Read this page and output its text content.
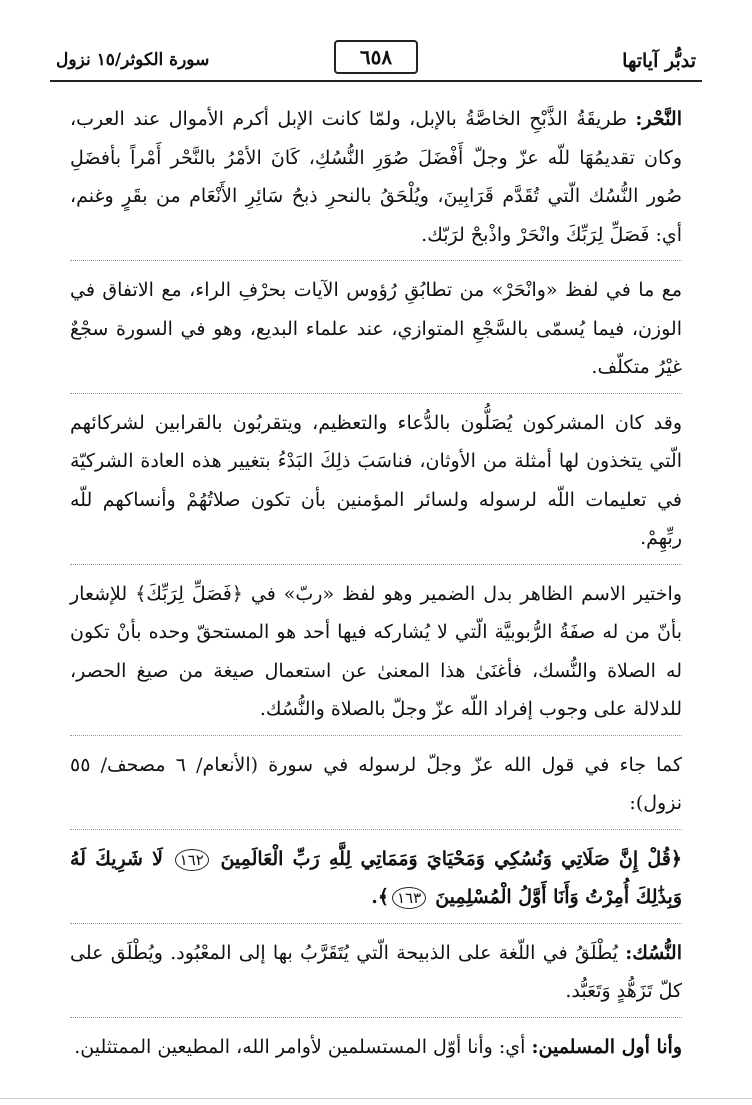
تدبُّر آياتها
٦٥٨
سورة الكوثر/١٥ نزول
النَّحْر: طريقَةُ الذَّبْحِ الخاصَّةُ بالإبل، ولمّا كانت الإبل أكرم الأموال عند العرب، وكان تقديمُهَا للّه عزّ وجلّ أَفْضَلَ صُوَرِ النُّسُكِ، كَانَ الأمْرُ بالنَّحْر أَمْراً بأفضَلِ صُور النُّسُك الّتي تُقَدَّم قَرَابِينَ، ويُلْحَقُ بالنحرِ ذبحُ سَائِرِ الأَنْعَام من بقَرٍ وغنم، أي: فَصَلِّ لِرَبِّكَ وانْحَرْ واذْبحْ لرَبّك.
مع ما في لفظ «وانْحَرْ» من تطابُقِ رُؤوس الآيات بحرْفِ الراء، مع الاتفاق في الوزن، فيما يُسمّى بالسَّجْعِ المتوازي، عند علماء البديع، وهو في السورة سجْعٌ غيْرُ متكلّف.
وقد كان المشركون يُصَلُّون بالدُّعاء والتعظيم، ويتقربُون بالقرابين لشركائهم الّتي يتخذون لها أمثلة من الأوثان، فناسَبَ ذلِكَ البَدْءُ بتغيير هذه العادة الشركيّة في تعليمات اللّه لرسوله ولسائر المؤمنين بأن تكون صلاتُهُمْ وأنساكهم للّه ربِّهِمْ.
واختير الاسم الظاهر بدل الضمير وهو لفظ «ربّ» في ﴿فَصَلِّ لِرَبِّكَ﴾ للإشعار بأنّ من له صفَةُ الرُّبوبيَّة الّتي لا يُشاركه فيها أحد هو المستحقّ وحده بأنْ تكون له الصلاة والنُّسك، فأغنَىٰ هذا المعنىٰ عن استعمال صيغة من صيغ الحصر، للدلالة على وجوب إفراد اللّه عزّ وجلّ بالصلاة والنُّسُك.
كما جاء في قول الله عزّ وجلّ لرسوله في سورة (الأنعام/ ٦ مصحف/ ٥٥ نزول):
﴿قُلْ إِنَّ صَلَاتِي وَنُسُكِي وَمَحْيَايَ وَمَمَاتِي لِلَّهِ رَبِّ الْعَالَمِينَ ١٦٢ لَا شَرِيكَ لَهُ وَبِذَٰلِكَ أُمِرْتُ وَأَنَا أَوَّلُ الْمُسْلِمِينَ ١٦٣﴾.
النُّسُك: يُطْلَقُ في اللّغة على الذبيحة الّتي يُتَقَرَّبُ بها إلى المعْبُود. ويُطْلَق على كلّ تَزَهُّدٍ وَتَعَبُّد.
وأنا أول المسلمين: أي: وأنا أوّل المستسلمين لأوامر الله، المطيعين الممتثلين.
